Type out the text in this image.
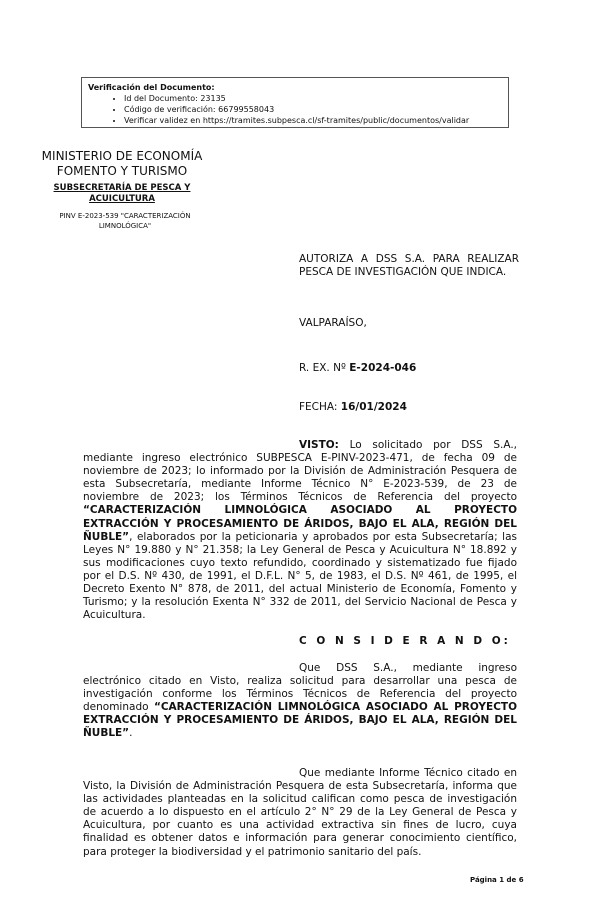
Verificación del Documento:
• Id del Documento: 23135
• Código de verificación: 66799558043
• Verificar validez en https://tramites.subpesca.cl/sf-tramites/public/documentos/validar
MINISTERIO DE ECONOMÍA
FOMENTO Y TURISMO
SUBSECRETARÍA DE PESCA Y
ACUICULTURA
PINV E-2023-539 "CARACTERIZACIÓN
LIMNOLÓGICA"
AUTORIZA A DSS S.A. PARA REALIZAR PESCA DE INVESTIGACIÓN QUE INDICA.
VALPARAÍSO,
R. EX. Nº E-2024-046
FECHA: 16/01/2024
VISTO: Lo solicitado por DSS S.A., mediante ingreso electrónico SUBPESCA E-PINV-2023-471, de fecha 09 de noviembre de 2023; lo informado por la División de Administración Pesquera de esta Subsecretaría, mediante Informe Técnico N° E-2023-539, de 23 de noviembre de 2023; los Términos Técnicos de Referencia del proyecto “CARACTERIZACIÓN LIMNOLÓGICA ASOCIADO AL PROYECTO EXTRACCIÓN Y PROCESAMIENTO DE ÁRIDOS, BAJO EL ALA, REGIÓN DEL ÑUBLE”, elaborados por la peticionaria y aprobados por esta Subsecretaría; las Leyes N° 19.880 y N° 21.358; la Ley General de Pesca y Acuicultura N° 18.892 y sus modificaciones cuyo texto refundido, coordinado y sistematizado fue fijado por el D.S. Nº 430, de 1991, el D.F.L. N° 5, de 1983, el D.S. Nº 461, de 1995, el Decreto Exento N° 878, de 2011, del actual Ministerio de Economía, Fomento y Turismo; y la resolución Exenta N° 332 de 2011, del Servicio Nacional de Pesca y Acuicultura.
C O N S I D E R A N D O:
Que DSS S.A., mediante ingreso electrónico citado en Visto, realiza solicitud para desarrollar una pesca de investigación conforme los Términos Técnicos de Referencia del proyecto denominado “CARACTERIZACIÓN LIMNOLÓGICA ASOCIADO AL PROYECTO EXTRACCIÓN Y PROCESAMIENTO DE ÁRIDOS, BAJO EL ALA, REGIÓN DEL ÑUBLE”.
Que mediante Informe Técnico citado en Visto, la División de Administración Pesquera de esta Subsecretaría, informa que las actividades planteadas en la solicitud califican como pesca de investigación de acuerdo a lo dispuesto en el artículo 2° N° 29 de la Ley General de Pesca y Acuicultura, por cuanto es una actividad extractiva sin fines de lucro, cuya finalidad es obtener datos e información para generar conocimiento científico, para proteger la biodiversidad y el patrimonio sanitario del país.
Página 1 de 6
